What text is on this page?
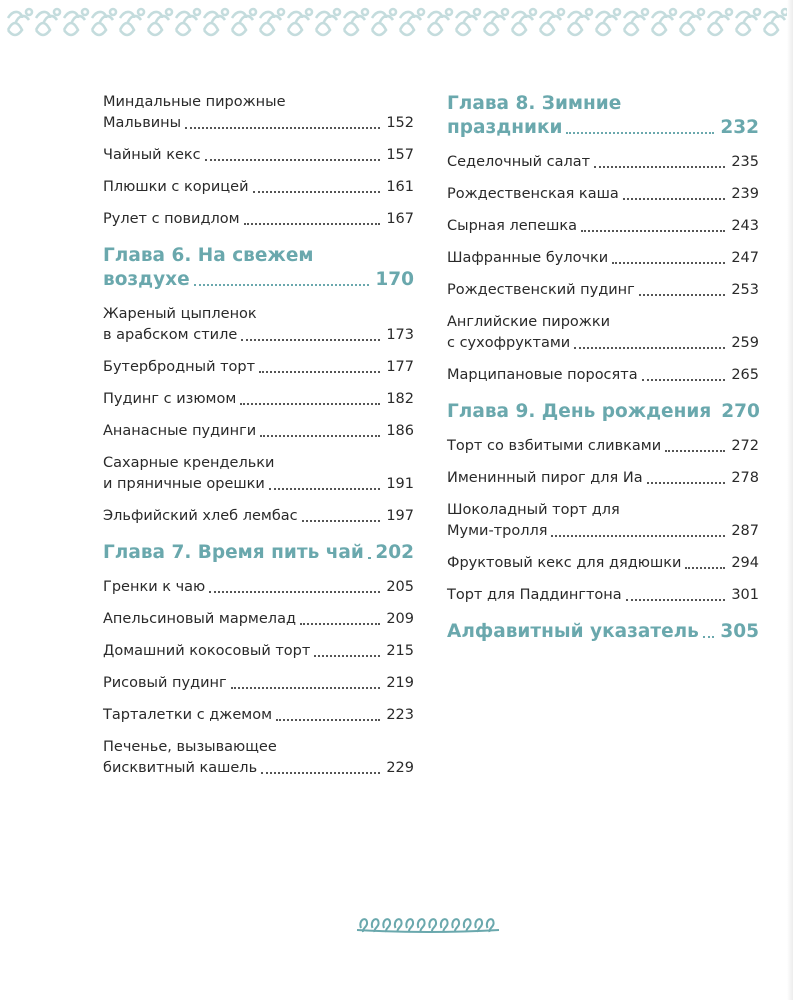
Миндальные пирожные
Мальвины	152
Чайный кекс	157
Плюшки с корицей	161
Рулет с повидлом	167
Глава 6. На свежем
воздухе	170
Жареный цыпленок
в арабском стиле	173
Бутербродный торт	177
Пудинг с изюмом	182
Ананасные пудинги	186
Сахарные крендельки
и пряничные орешки	191
Эльфийский хлеб лембас	197
Глава 7. Время пить чай 202
Гренки к чаю	205
Апельсиновый мармелад	209
Домашний кокосовый торт	215
Рисовый пудинг	219
Тарталетки с джемом	223
Печенье, вызывающее
бисквитный кашель	229
Глава 8. Зимние
праздники	232
Седелочный салат	235
Рождественская каша	239
Сырная лепешка	243
Шафранные булочки	247
Рождественский пудинг	253
Английские пирожки
с сухофруктами	259
Марципановые поросята	265
Глава 9. День рождения 270
Торт со взбитыми сливками	272
Именинный пирог для Иа	278
Шоколадный торт для
Муми-тролля	287
Фруктовый кекс для дядюшки	294
Торт для Паддингтона	301
Алфавитный указатель 305
